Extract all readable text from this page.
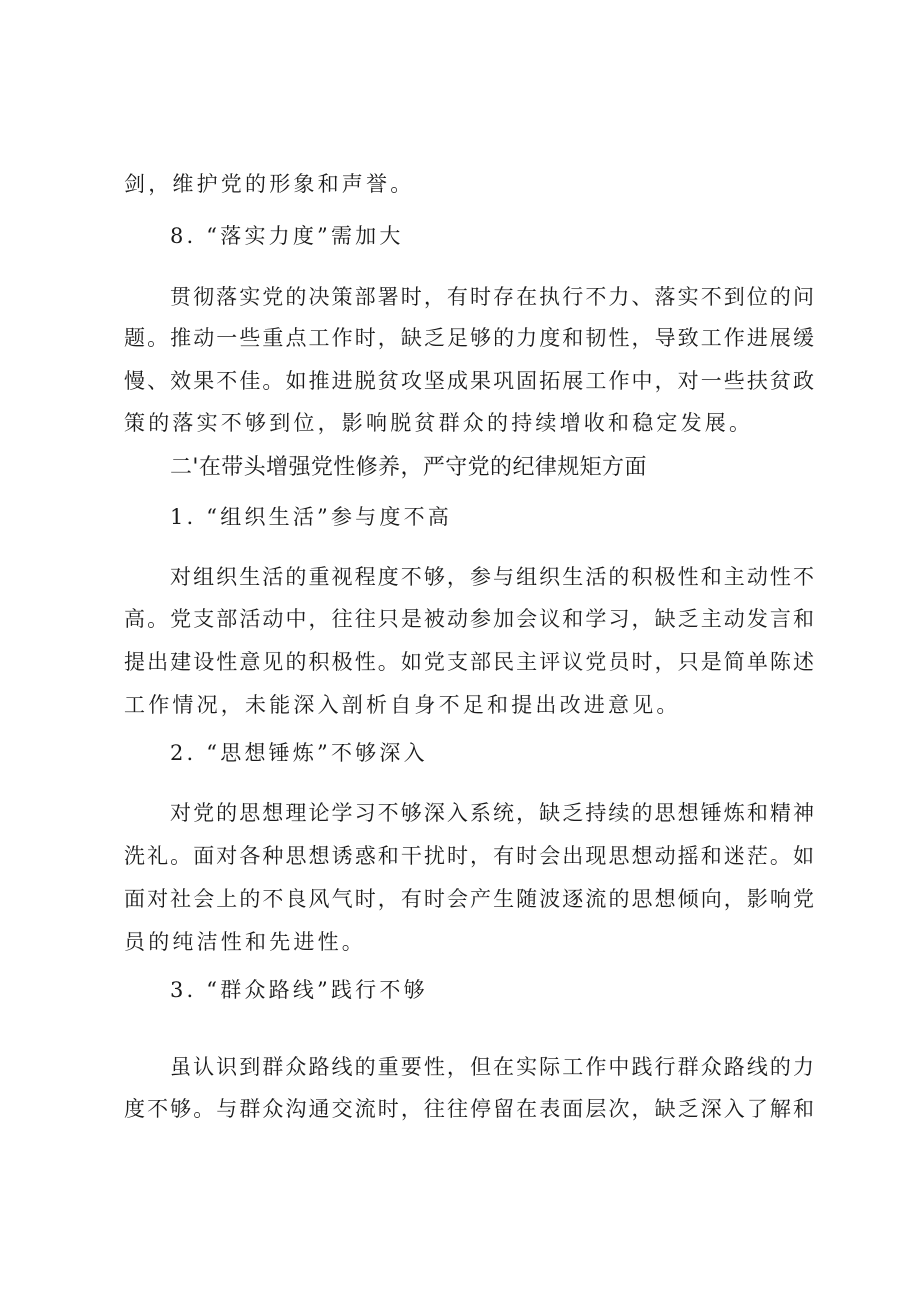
剑，维护党的形象和声誉。
8. “落实力度”需加大
贯彻落实党的决策部署时，有时存在执行不力、落实不到位的问
题。推动一些重点工作时，缺乏足够的力度和韧性，导致工作进展缓
慢、效果不佳。如推进脱贫攻坚成果巩固拓展工作中，对一些扶贫政
策的落实不够到位，影响脱贫群众的持续增收和稳定发展。
二'在带头增强党性修养，严守党的纪律规矩方面
1. “组织生活”参与度不高
对组织生活的重视程度不够，参与组织生活的积极性和主动性不
高。党支部活动中，往往只是被动参加会议和学习，缺乏主动发言和
提出建设性意见的积极性。如党支部民主评议党员时，只是简单陈述
工作情况，未能深入剖析自身不足和提出改进意见。
2. “思想锤炼”不够深入
对党的思想理论学习不够深入系统，缺乏持续的思想锤炼和精神
洗礼。面对各种思想诱惑和干扰时，有时会出现思想动摇和迷茫。如
面对社会上的不良风气时，有时会产生随波逐流的思想倾向，影响党
员的纯洁性和先进性。
3. “群众路线”践行不够
虽认识到群众路线的重要性，但在实际工作中践行群众路线的力
度不够。与群众沟通交流时，往往停留在表面层次，缺乏深入了解和
